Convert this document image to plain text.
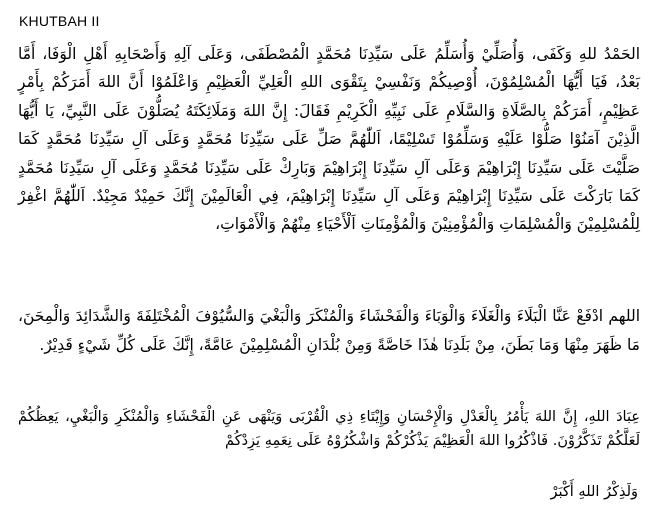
KHUTBAH II

الحَمْدُ للهِ وَكَفَى، وَأُصَلِّيْ وَأُسَلِّمُ عَلَى سَيِّدِنَا مُحَمَّدٍ الْمُصْطَفَى، وَعَلَى آلِهِ وَأَصْحَابِهِ أَهْلِ الْوَفَا، أَمَّا بَعْدُ، فَيَا أَيُّهَا الْمُسْلِمُوْنَ، أُوْصِيكُمْ وَنَفْسِيْ بِتَقْوَى اللهِ الْعَلِيِّ الْعَظِيْمِ وَاعْلَمُوْا أَنَّ اللهَ أَمَرَكُمْ بِأَمْرٍ عَظِيْمٍ، أَمَرَكُمْ بِالصَّلَاةِ وَالسَّلَامِ عَلَى نَبِيِّهِ الْكَرِيْمِ فَقَالَ: إِنَّ اللهَ وَمَلَائِكَتَهُ يُصَلُّوْنَ عَلَى النَّبِيِّ، يَا أَيُّهَا الَّذِيْنَ آمَنُوْا صَلُّوْا عَلَيْهِ وَسَلِّمُوْا تَسْلِيْمًا، اَللّٰهُمَّ صَلِّ عَلَى سَيِّدِنَا مُحَمَّدٍ وَعَلَى آلِ سَيِّدِنَا مُحَمَّدٍ كَمَا صَلَّيْتَ عَلَى سَيِّدِنَا إِبْرَاهِيْمَ وَعَلَى آلِ سَيِّدِنَا إِبْرَاهِيْمَ وَبَارِكْ عَلَى سَيِّدِنَا مُحَمَّدٍ وَعَلَى آلِ سَيِّدِنَا مُحَمَّدٍ كَمَا بَارَكْتَ عَلَى سَيِّدِنَا إِبْرَاهِيْمَ وَعَلَى آلِ سَيِّدِنَا إِبْرَاهِيْمَ، فِي الْعَالَمِيْنَ إِنَّكَ حَمِيْدٌ مَجِيْدٌ. اَللّٰهُمَّ اغْفِرْ لِلْمُسْلِمِيْنَ وَالْمُسْلِمَاتِ وَالْمُؤْمِنِيْنَ وَالْمُؤْمِنَاتِ اَلْأَحْيَاءِ مِنْهُمْ وَالْأَمْوَاتِ،

اللهم ادْفَعْ عَنَّا الْبَلَاءَ وَالْغَلَاءَ وَالْوَبَاءَ وَالْفَحْشَاءَ وَالْمُنْكَرَ وَالْبَغْيَ وَالسُّيُوْفَ الْمُخْتَلِفَةَ وَالشَّدَائِدَ وَالْمِحَنَ، مَا ظَهَرَ مِنْهَا وَمَا بَطَنَ، مِنْ بَلَدِنَا هٰذَا خَاصَّةً وَمِنْ بُلْدَانِ الْمُسْلِمِيْنَ عَامَّةً، إِنَّكَ عَلَى كُلِّ شَيْءٍ قَدِيْرٌ.

عِبَادَ اللهِ، إِنَّ اللهَ يَأْمُرُ بِالْعَدْلِ وَالْإِحْسَانِ وَإِيْتَاءِ ذِي الْقُرْبَى وَيَنْهَى عَنِ الْفَحْشَاءِ وَالْمُنْكَرِ وَالْبَغْيِ، يَعِظُكُمْ لَعَلَّكُمْ تَذَكَّرُوْنَ. فَاذْكُرُوا اللهَ الْعَظِيْمَ يَذْكُرْكُمْ وَاشْكُرُوْهُ عَلَى نِعَمِهِ يَزِدْكُمْ

وَلَذِكْرُ اللهِ أَكْبَرْ
